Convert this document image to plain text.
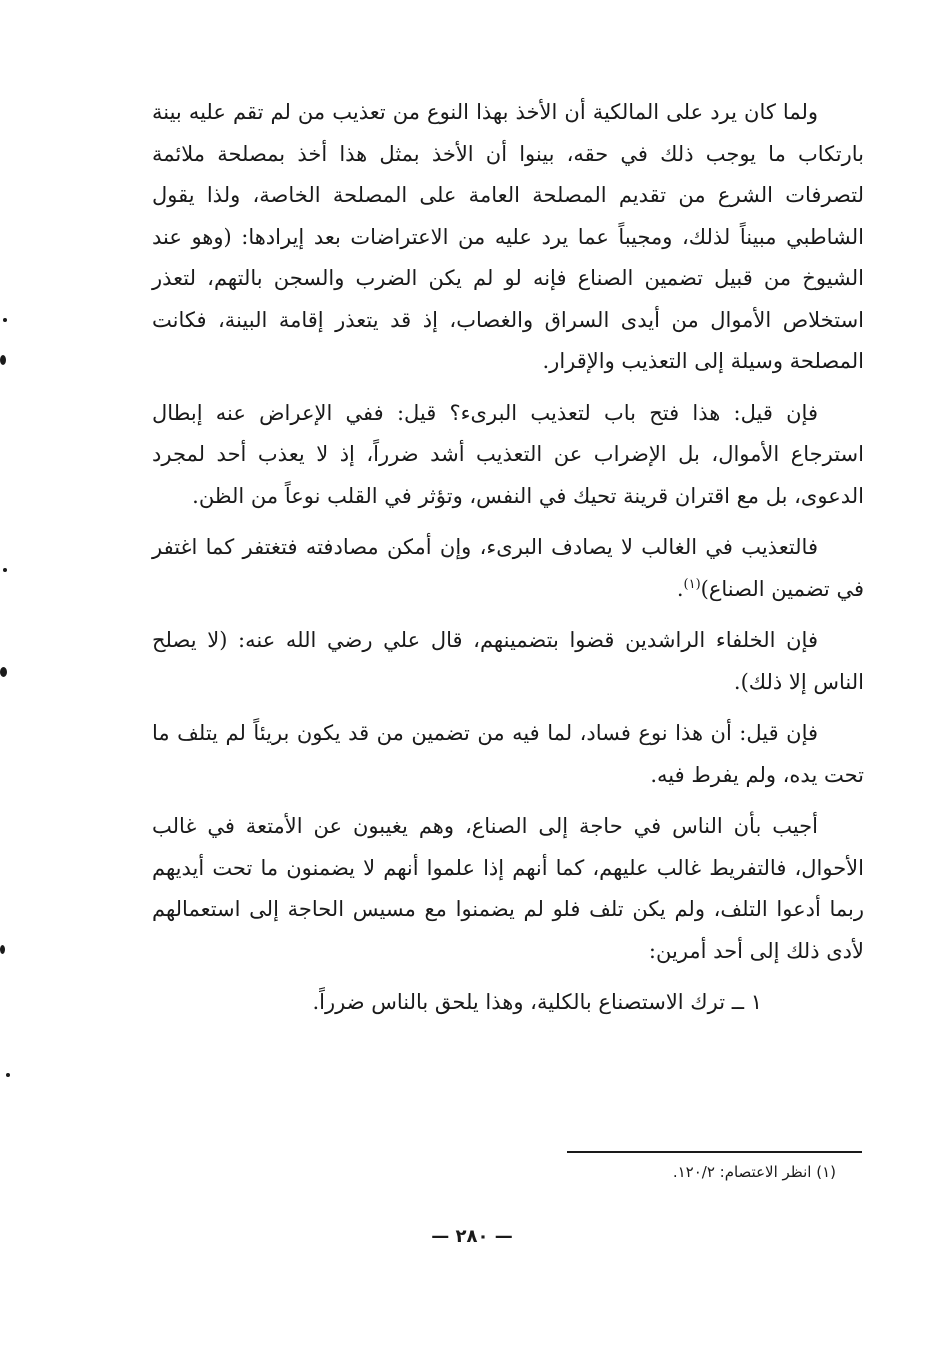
ولما كان يرد على المالكية أن الأخذ بهذا النوع من تعذيب من لم تقم عليه بينة بارتكاب ما يوجب ذلك في حقه، بينوا أن الأخذ بمثل هذا أخذ بمصلحة ملائمة لتصرفات الشرع من تقديم المصلحة العامة على المصلحة الخاصة، ولذا يقول الشاطبي مبيناً لذلك، ومجيباً عما يرد عليه من الاعتراضات بعد إيرادها: (وهو عند الشيوخ من قبيل تضمين الصناع فإنه لو لم يكن الضرب والسجن بالتهم، لتعذر استخلاص الأموال من أيدى السراق والغصاب، إذ قد يتعذر إقامة البينة، فكانت المصلحة وسيلة إلى التعذيب والإقرار.

فإن قيل: هذا فتح باب لتعذيب البرىء؟ قيل: ففي الإعراض عنه إبطال استرجاع الأموال، بل الإضراب عن التعذيب أشد ضرراً، إذ لا يعذب أحد لمجرد الدعوى، بل مع اقتران قرينة تحيك في النفس، وتؤثر في القلب نوعاً من الظن.

فالتعذيب في الغالب لا يصادف البرىء، وإن أمكن مصادفته فتغتفر كما اغتفر في تضمين الصناع)$^{(١)}$.

فإن الخلفاء الراشدين قضوا بتضمينهم، قال علي رضي الله عنه: (لا يصلح الناس إلا ذلك).

فإن قيل: أن هذا نوع فساد، لما فيه من تضمين من قد يكون بريئاً لم يتلف ما تحت يده، ولم يفرط فيه.

أجيب بأن الناس في حاجة إلى الصناع، وهم يغيبون عن الأمتعة في غالب الأحوال، فالتفريط غالب عليهم، كما أنهم إذا علموا أنهم لا يضمنون ما تحت أيديهم ربما أدعوا التلف، ولم يكن تلف فلو لم يضمنوا مع مسيس الحاجة إلى استعمالهم لأدى ذلك إلى أحد أمرين:

١ ــ ترك الاستصناع بالكلية، وهذا يلحق بالناس ضرراً.

(١) انظر الاعتصام: ١٢٠/٢.
— ٢٨٠ —
